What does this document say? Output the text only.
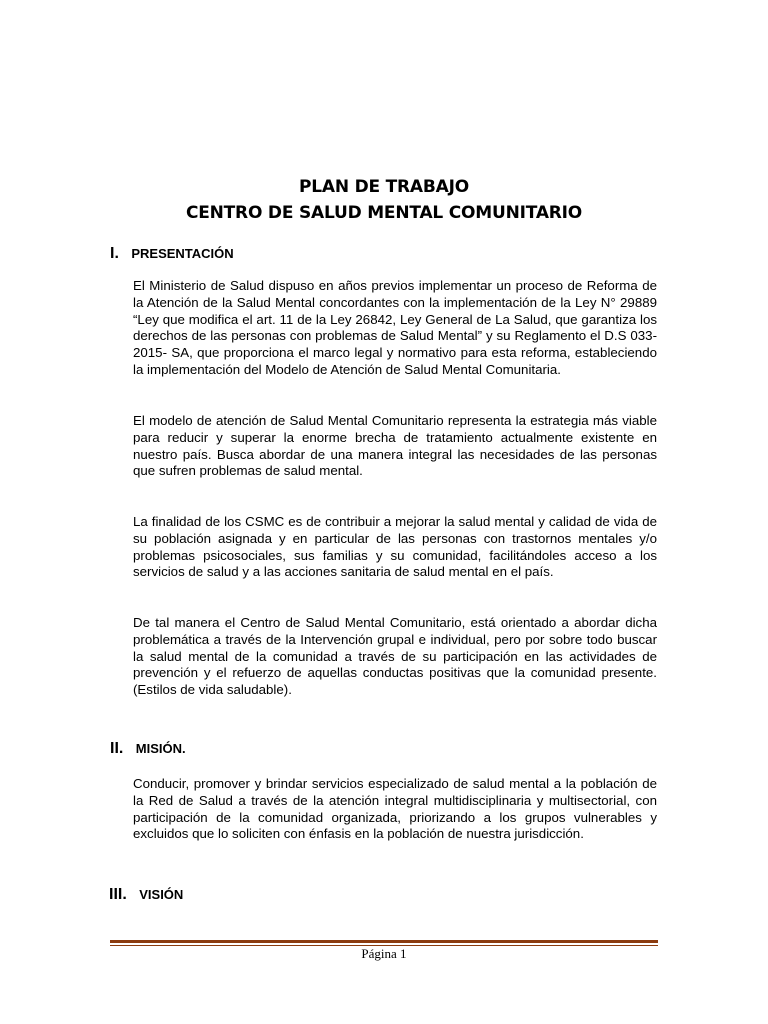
PLAN DE TRABAJO
CENTRO DE SALUD MENTAL COMUNITARIO
I. PRESENTACIÓN

El Ministerio de Salud dispuso en años previos implementar un proceso de Reforma de la Atención de la Salud Mental concordantes con la implementación de la Ley N° 29889 “Ley que modifica el art. 11 de la Ley 26842, Ley General de La Salud, que garantiza los derechos de las personas con problemas de Salud Mental” y su Reglamento el D.S 033-2015- SA, que proporciona el marco legal y normativo para esta reforma, estableciendo la implementación del Modelo de Atención de Salud Mental Comunitaria.

El modelo de atención de Salud Mental Comunitario representa la estrategia más viable para reducir y superar la enorme brecha de tratamiento actualmente existente en nuestro país. Busca abordar de una manera integral las necesidades de las personas que sufren problemas de salud mental.

La finalidad de los CSMC es de contribuir a mejorar la salud mental y calidad de vida de su población asignada y en particular de las personas con trastornos mentales y/o problemas psicosociales, sus familias y su comunidad, facilitándoles acceso a los servicios de salud y a las acciones sanitaria de salud mental en el país.

De tal manera el Centro de Salud Mental Comunitario, está orientado a abordar dicha problemática a través de la Intervención grupal e individual, pero por sobre todo buscar la salud mental de la comunidad a través de su participación en las actividades de prevención y el refuerzo de aquellas conductas positivas que la comunidad presente. (Estilos de vida saludable).

II. MISIÓN.

Conducir, promover y brindar servicios especializado de salud mental a la población de la Red de Salud a través de la atención integral multidisciplinaria y multisectorial, con participación de la comunidad organizada, priorizando a los grupos vulnerables y excluidos que lo soliciten con énfasis en la población de nuestra jurisdicción.

III. VISIÓN
Página 1
